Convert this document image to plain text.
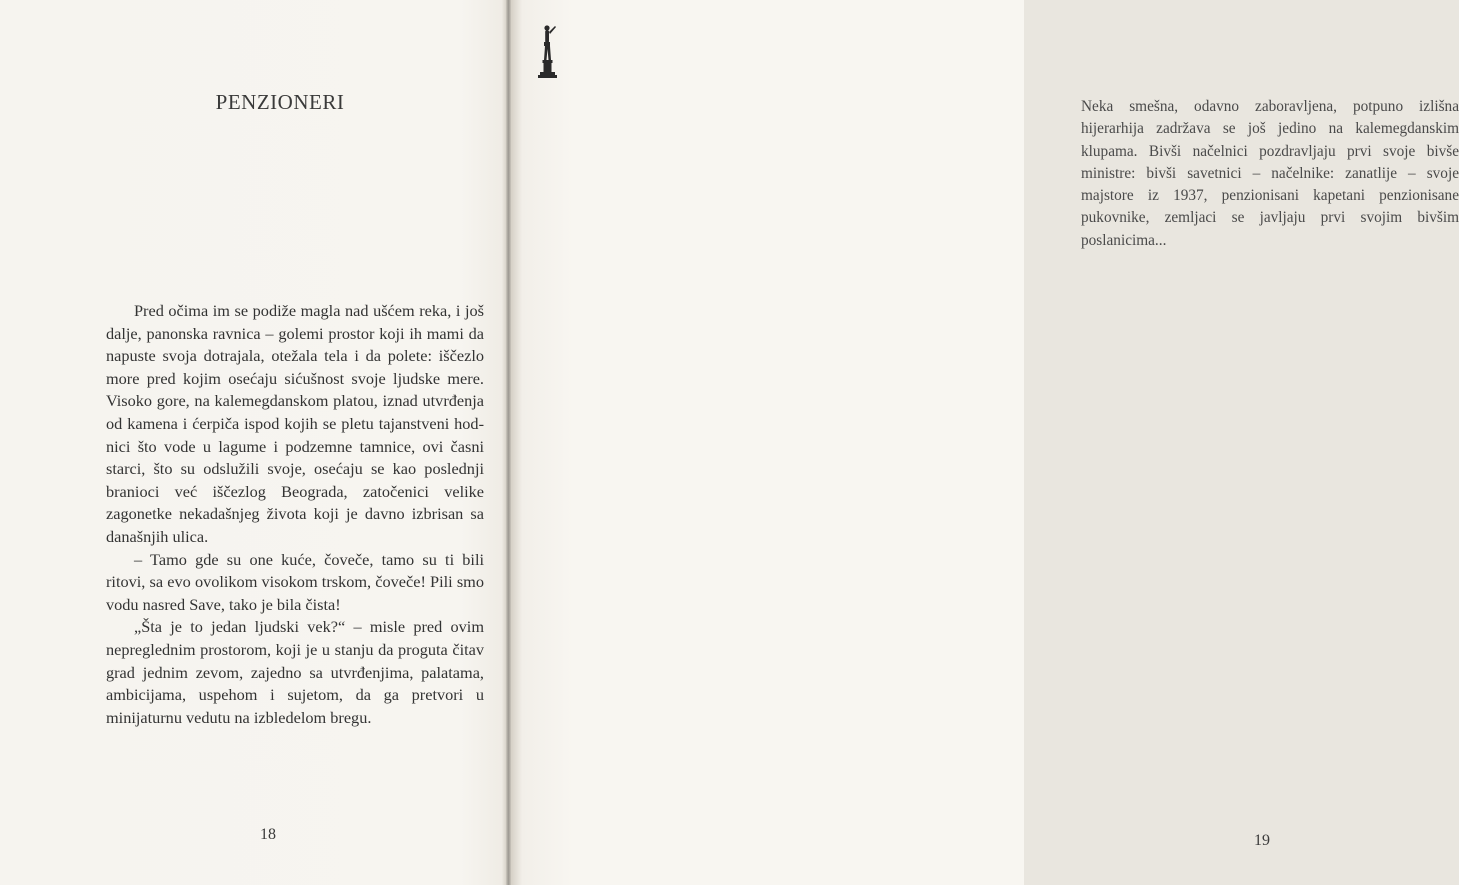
PENZIONERI

Pred očima im se podiže magla nad ušćem reka, i još dalje, panonska ravnica – golemi prostor koji ih mami da napuste svoja dotrajala, otežala tela i da polete: iščezlo more pred kojim osećaju sićušnost svoje ljudske mere. Visoko gore, na kalemegdanskom platou, iznad utvrđenja od kamena i ćerpiča ispod kojih se pletu tajanstveni hodnici što vode u lagume i podzemne tamnice, ovi časni starci, što su odslužili svoje, osećaju se kao poslednji branioci već iščezlog Beograda, zatočenici velike zagonetke nekadašnjeg života koji je davno izbrisan sa današnjih ulica.

– Tamo gde su one kuće, čoveče, tamo su ti bili ritovi, sa evo ovolikom visokom trskom, čoveče! Pili smo vodu nasred Save, tako je bila čista!

„Šta je to jedan ljudski vek?“ – misle pred ovim nepreglednim prostorom, koji je u stanju da proguta čitav grad jednim zevom, zajedno sa utvrđenjima, palatama, ambicijama, uspehom i sujetom, da ga pretvori u minijaturnu vedutu na izbledelom bregu.

18

Neka smešna, odavno zaboravljena, potpuno izlišna hijerarhija zadržava se još jedino na kalemegdanskim klupama. Bivši načelnici pozdravljaju prvi svoje bivše ministre: bivši savetnici – načelnike: zanatlije – svoje majstore iz 1937, penzionisani kapetani penzionisane pukovnike, zemljaci se javljaju prvi svojim bivšim poslanicima...

19
